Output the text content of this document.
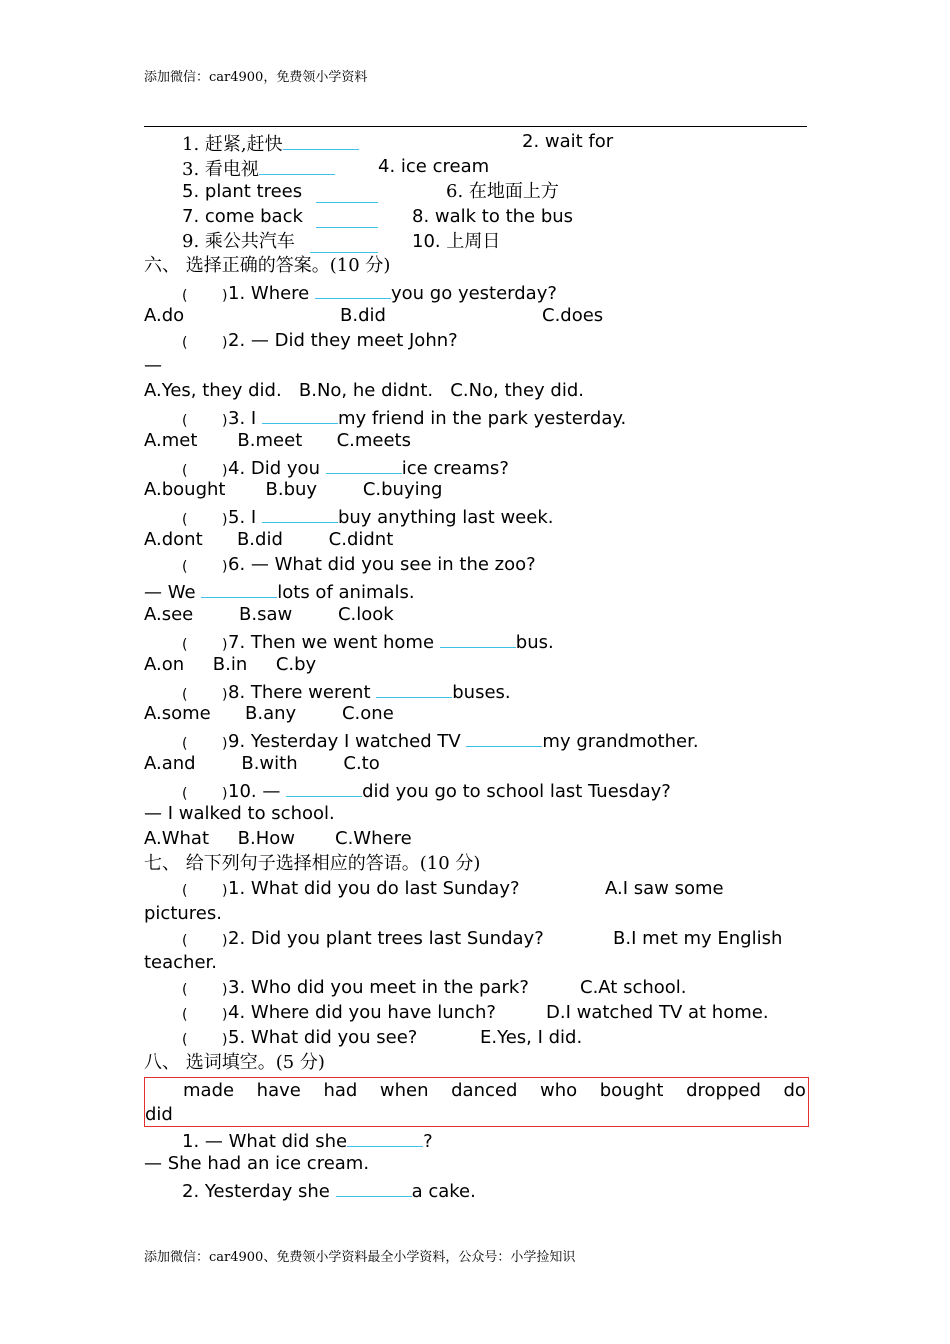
添加微信：car4900，免费领小学资料
1. 赶紧,赶快	2. wait for
3. 看电视	4. ice cream
5. plant trees	6. 在地面上方
7. come back	8. walk to the bus
9. 乘公共汽车	10. 上周日
六、 选择正确的答案。(10 分)
( ) 1. Where	you go yesterday?
A.do	B.did	C.does
( ) 2. — Did they meet John?
—
A.Yes, they did.   B.No, he didnt.   C.No, they did.
( ) 3. I	my friend in the park yesterday.
A.met       B.meet      C.meets
( ) 4. Did you	ice creams?
A.bought       B.buy        C.buying
( ) 5. I	buy anything last week.
A.dont      B.did        C.didnt
( ) 6. — What did you see in the zoo?
— We	lots of animals.
A.see        B.saw        C.look
( ) 7. Then we went home	bus.
A.on     B.in     C.by
( ) 8. There werent	buses.
A.some      B.any        C.one
( ) 9. Yesterday I watched TV	my grandmother.
A.and        B.with        C.to
( ) 10. —	did you go to school last Tuesday?
— I walked to school.
A.What     B.How       C.Where
七、 给下列句子选择相应的答语。(10 分)
( ) 1. What did you do last Sunday?	A.I saw some
pictures.
( ) 2. Did you plant trees last Sunday?	B.I met my English
teacher.
( ) 3. Who did you meet in the park?	C.At school.
( ) 4. Where did you have lunch?	D.I watched TV at home.
( ) 5. What did you see?	E.Yes, I did.
八、 选词填空。(5 分)
made have had when danced who bought dropped do
did
1. — What did she	?
— She had an ice cream.
2. Yesterday she	a cake.
添加微信：car4900、免费领小学资料最全小学资料，公众号：小学捡知识
